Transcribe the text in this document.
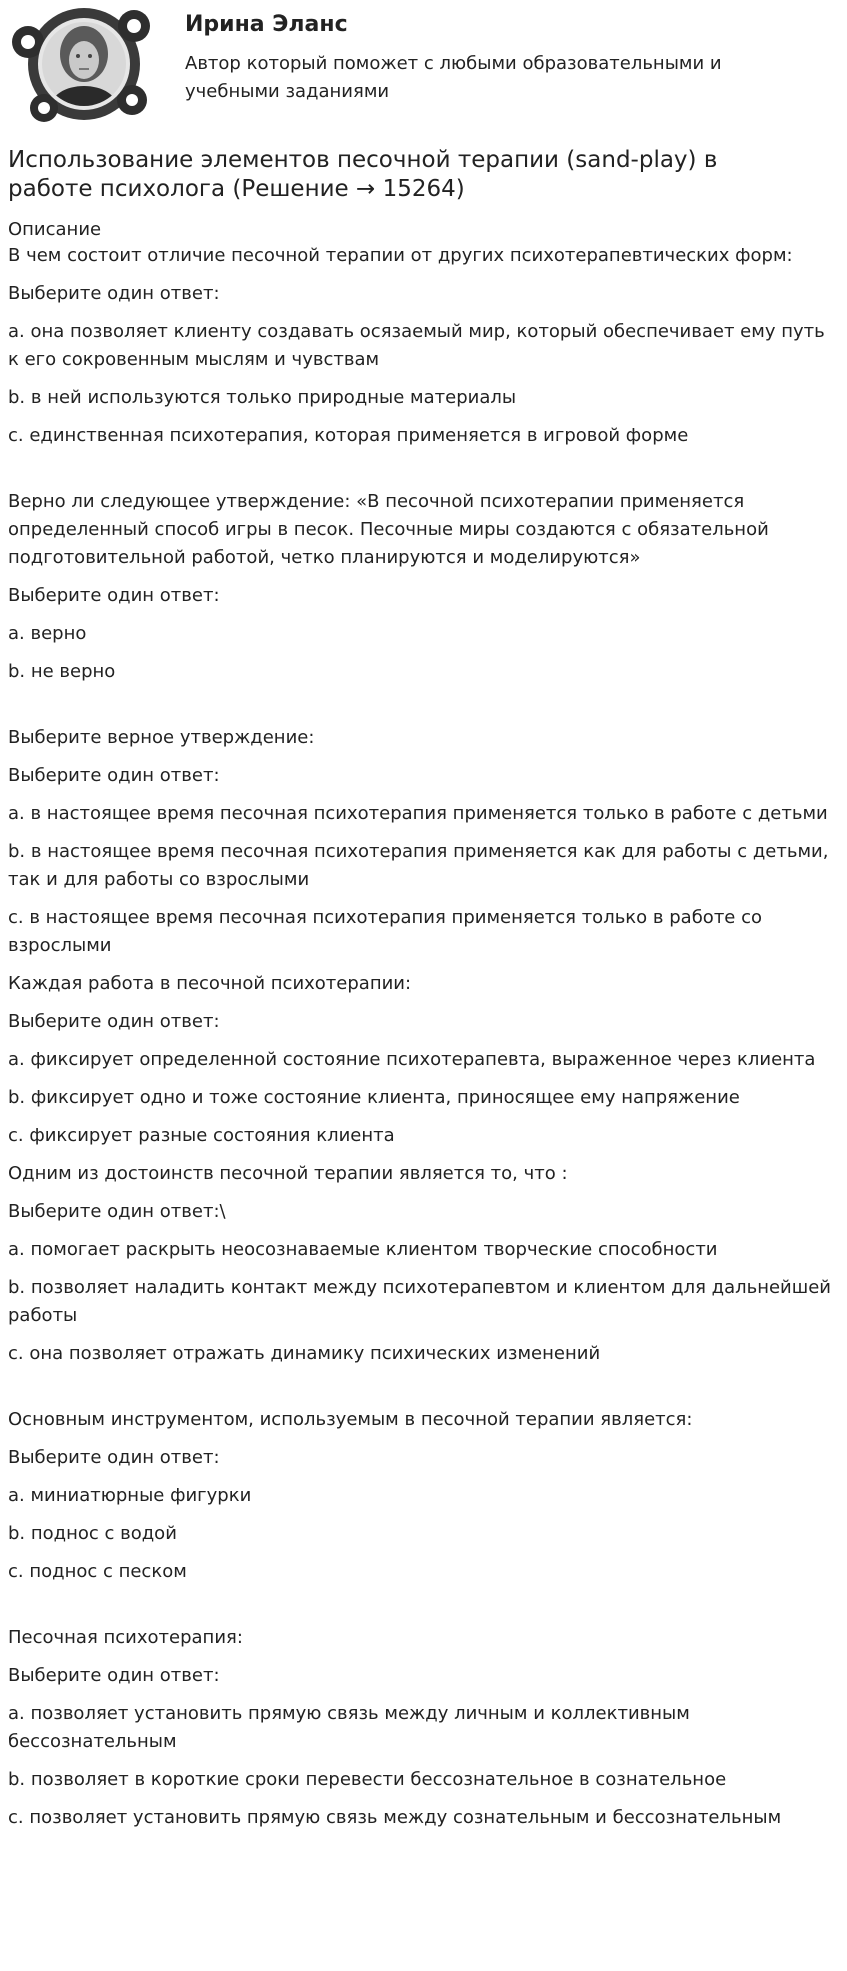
Ирина Эланс
Автор который поможет с любыми образовательными и учебными заданиями
Использование элементов песочной терапии (sand-play) в работе психолога (Решение → 15264)
Описание
В чем состоит отличие песочной терапии от других психотерапевтических форм:
Выберите один ответ:
a. она позволяет клиенту создавать осязаемый мир, который обеспечивает ему путь к его сокровенным мыслям и чувствам
b. в ней используются только природные материалы
c. единственная психотерапия, которая применяется в игровой форме
Верно ли следующее утверждение: «В песочной психотерапии применяется определенный способ игры в песок. Песочные миры создаются с обязательной подготовительной работой, четко планируются и моделируются»
Выберите один ответ:
a. верно
b. не верно
Выберите верное утверждение:
Выберите один ответ:
a. в настоящее время песочная психотерапия применяется только в работе с детьми
b. в настоящее время песочная психотерапия применяется как для работы с детьми, так и для работы со взрослыми
c. в настоящее время песочная психотерапия применяется только в работе со взрослыми
Каждая работа в песочной психотерапии:
Выберите один ответ:
a. фиксирует определенной состояние психотерапевта, выраженное через клиента
b. фиксирует одно и тоже состояние клиента, приносящее ему напряжение
c. фиксирует разные состояния клиента
Одним из достоинств песочной терапии является то, что :
Выберите один ответ:\
a. помогает раскрыть неосознаваемые клиентом творческие способности
b. позволяет наладить контакт между психотерапевтом и клиентом для дальнейшей работы
c. она позволяет отражать динамику психических изменений
Основным инструментом, используемым в песочной терапии является:
Выберите один ответ:
a. миниатюрные фигурки
b. поднос с водой
c. поднос с песком
Песочная психотерапия:
Выберите один ответ:
a. позволяет установить прямую связь между личным и коллективным бессознательным
b. позволяет в короткие сроки перевести бессознательное в сознательное
c. позволяет установить прямую связь между сознательным и бессознательным
